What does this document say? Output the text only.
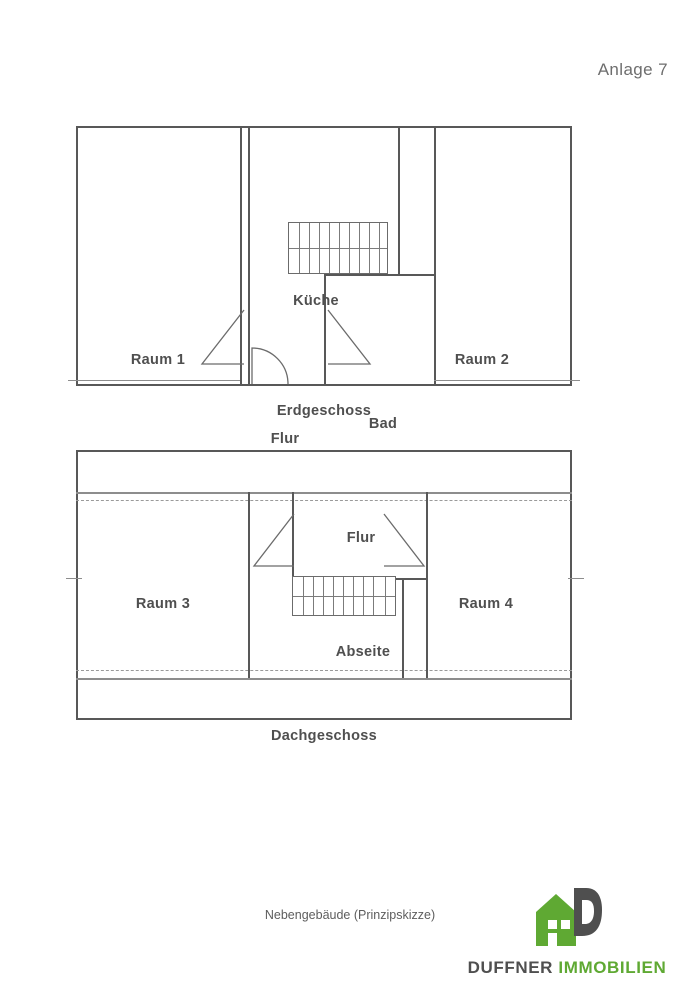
Anlage 7
Raum 1
Küche
Raum 2
Flur
Bad
Erdgeschoss
Raum 3
Flur
Raum 4
Abseite
Dachgeschoss
Nebengebäude (Prinzipskizze)
DUFFNER IMMOBILIEN
